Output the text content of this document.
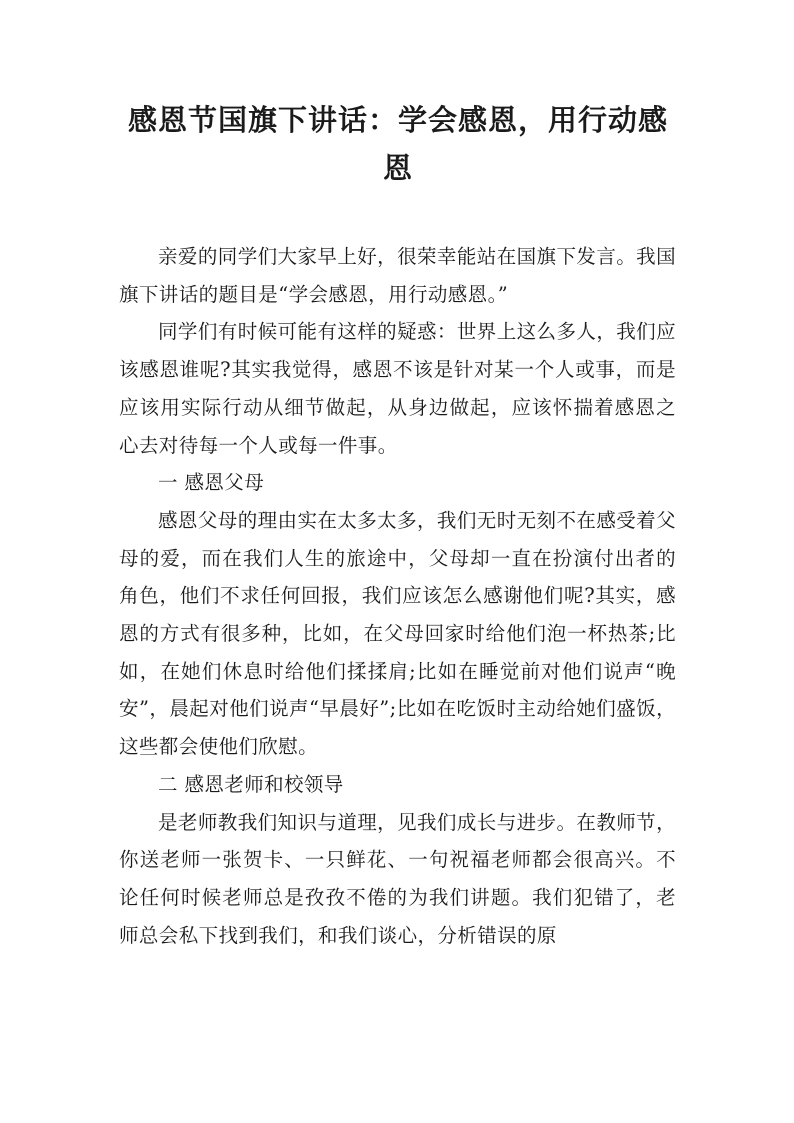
感恩节国旗下讲话：学会感恩，用行动感恩

亲爱的同学们大家早上好，很荣幸能站在国旗下发言。我国旗下讲话的题目是“学会感恩，用行动感恩。”

同学们有时候可能有这样的疑惑：世界上这么多人，我们应该感恩谁呢?其实我觉得，感恩不该是针对某一个人或事，而是应该用实际行动从细节做起，从身边做起，应该怀揣着感恩之心去对待每一个人或每一件事。

一 感恩父母

感恩父母的理由实在太多太多，我们无时无刻不在感受着父母的爱，而在我们人生的旅途中，父母却一直在扮演付出者的角色，他们不求任何回报，我们应该怎么感谢他们呢?其实，感恩的方式有很多种，比如，在父母回家时给他们泡一杯热茶;比如，在她们休息时给他们揉揉肩;比如在睡觉前对他们说声“晚安”，晨起对他们说声“早晨好”;比如在吃饭时主动给她们盛饭，这些都会使他们欣慰。

二 感恩老师和校领导

是老师教我们知识与道理，见我们成长与进步。在教师节，你送老师一张贺卡、一只鲜花、一句祝福老师都会很高兴。不论任何时候老师总是孜孜不倦的为我们讲题。我们犯错了，老师总会私下找到我们，和我们谈心，分析错误的原
